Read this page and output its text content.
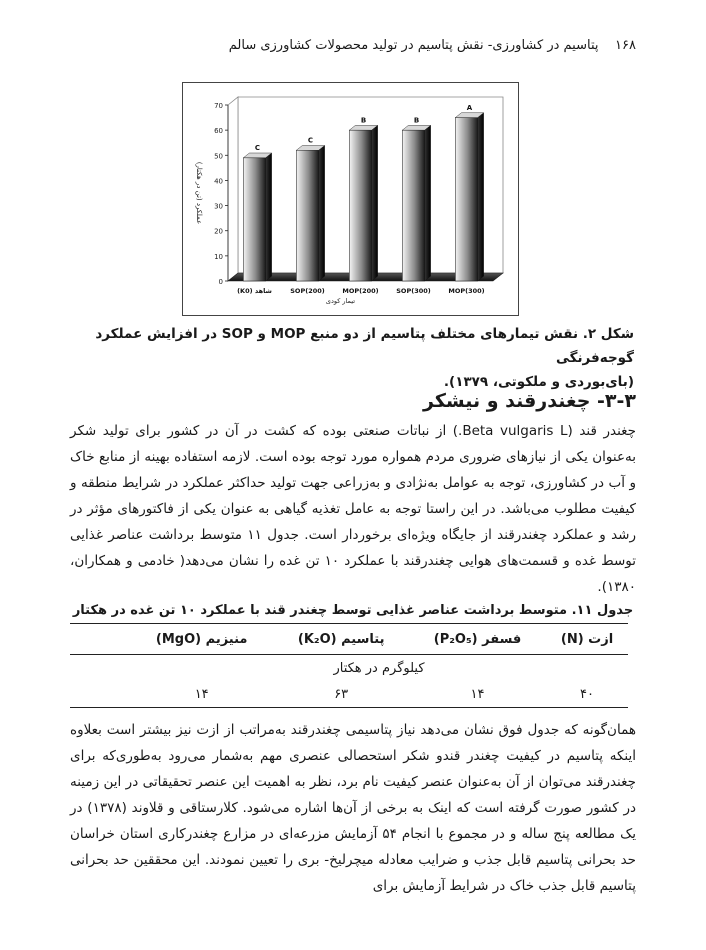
۱۶۸    پتاسیم در کشاورزی- نقش پتاسیم در تولید محصولات کشاورزی سالم
0
10
20
30
40
50
60
70
عملکرد (تن در هکتار)
C
(K0) شاهد
C
SOP(200)
B
MOP(200)
B
SOP(300)
A
MOP(300)
تیمار کودی
شکل ۲. نقش تیمارهای مختلف پتاسیم از دو منبع MOP و SOP در افزایش عملکرد گوجه‌فرنگی
(بای‌بوردی و ملکوتی، ۱۳۷۹).
۳-۳- چغندرقند و نیشکر
چغندر قند (Beta vulgaris L.) از نباتات صنعتی بوده که کشت در آن در کشور برای تولید شکر به‌عنوان یکی از نیازهای ضروری مردم همواره مورد توجه بوده است. لازمه استفاده بهینه از منابع خاک و آب در کشاورزی، توجه به عوامل به‌نژادی و به‌زراعی جهت تولید حداکثر عملکرد در شرایط منطقه و کیفیت مطلوب می‌باشد. در این راستا توجه به عامل تغذیه گیاهی به عنوان یکی از فاکتورهای مؤثر در رشد و عملکرد چغندرقند از جایگاه ویژه‌ای برخوردار است. جدول ۱۱ متوسط برداشت عناصر غذایی توسط غده و قسمت‌های هوایی چغندرقند با عملکرد ۱۰ تن غده را نشان می‌دهد( خادمی و همکاران، ۱۳۸۰).
جدول ۱۱. متوسط برداشت عناصر غذایی توسط چغندر قند با عملکرد ۱۰ تن غده در هکتار
ازت (N)	فسفر (P₂O₅)	پتاسیم (K₂O)	منیزیم (MgO)	
کیلوگرم در هکتار				
۴۰	۱۴	۶۳	۱۴	
همان‌گونه که جدول فوق نشان می‌دهد نیاز پتاسیمی چغندرقند به‌مراتب از ازت نیز بیشتر است بعلاوه اینکه پتاسیم در کیفیت چغندر قندو شکر استحصالی عنصری مهم به‌شمار می‌رود به‌طوری‌که برای چغندرقند می‌توان از آن به‌عنوان عنصر کیفیت نام برد، نظر به اهمیت این عنصر تحقیقاتی در این زمینه در کشور صورت گرفته است که اینک به برخی از آن‌ها اشاره می‌شود. کلارستاقی و قلاوند (۱۳۷۸) در یک مطالعه پنج ساله و در مجموع با انجام ۵۴ آزمایش مزرعه‌ای در مزارع چغندرکاری استان خراسان حد بحرانی پتاسیم قابل جذب و ضرایب معادله میچرلیخ- بری را تعیین نمودند. این محققین حد بحرانی پتاسیم قابل جذب خاک در شرایط آزمایش برای
